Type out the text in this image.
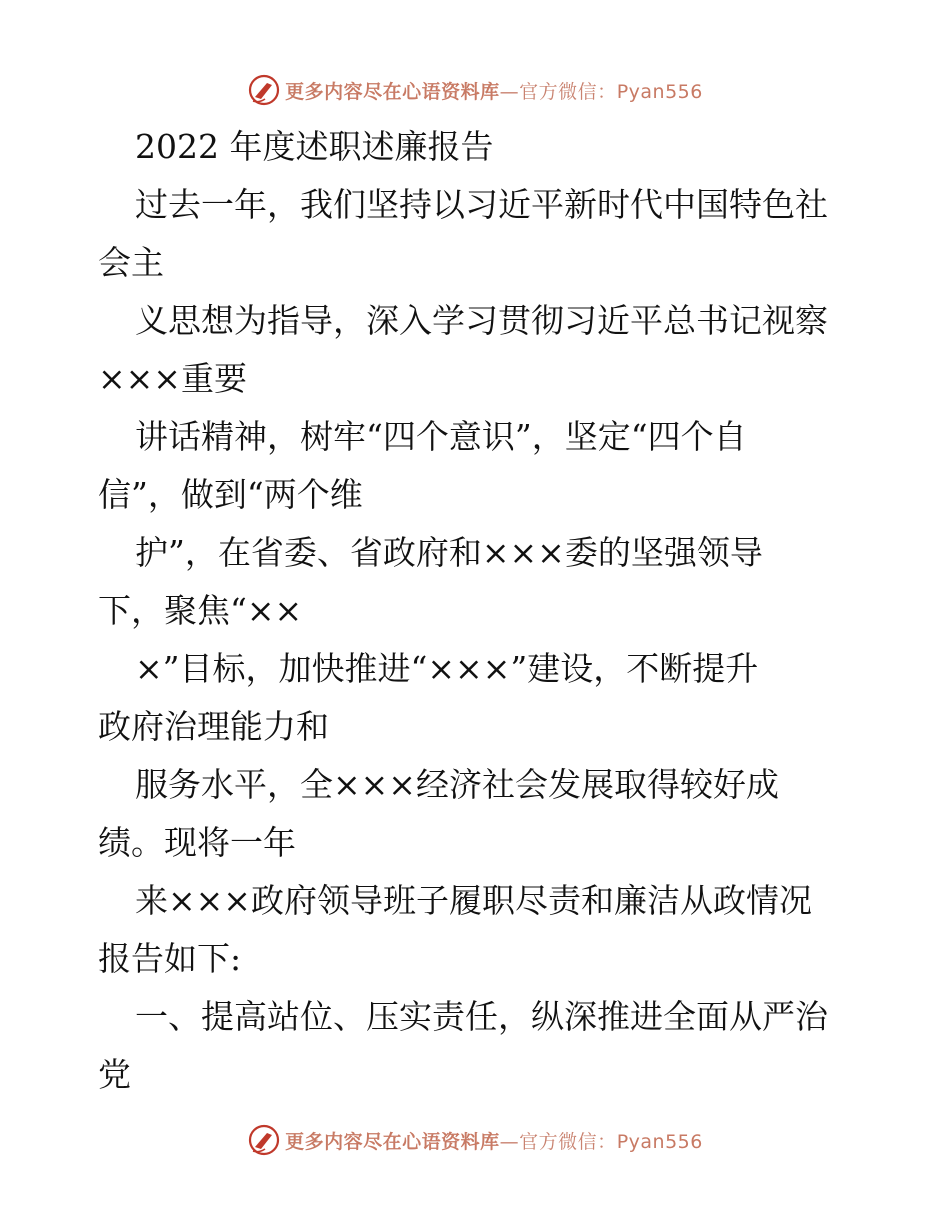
更多内容尽在心语资料库—官方微信：Pyan556
2022 年度述职述廉报告
过去一年，我们坚持以习近平新时代中国特色社
会主
义思想为指导，深入学习贯彻习近平总书记视察
×××重要
讲话精神，树牢“四个意识”，坚定“四个自
信”，做到“两个维
护”，在省委、省政府和×××委的坚强领导
下，聚焦“××
×”目标，加快推进“×××”建设，不断提升
政府治理能力和
服务水平，全×××经济社会发展取得较好成
绩。现将一年
来×××政府领导班子履职尽责和廉洁从政情况
报告如下:
一、提高站位、压实责任，纵深推进全面从严治
党
更多内容尽在心语资料库—官方微信：Pyan556
